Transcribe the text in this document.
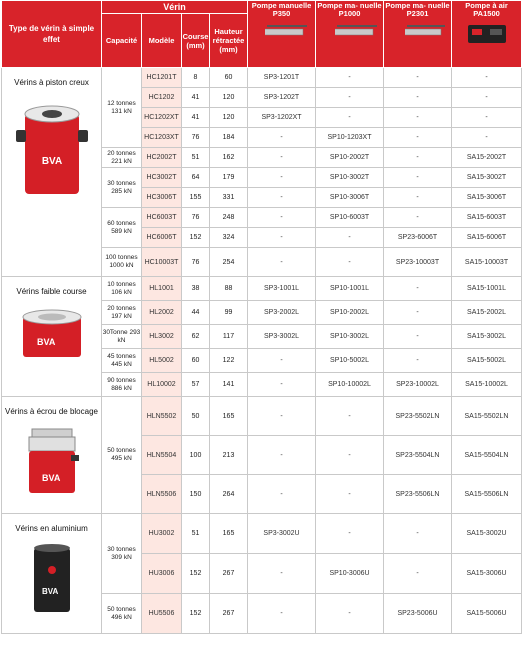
Type de vérin à simple effet	Vérin				Pompe manuelle P350	Pompe ma- nuelle P1000	Pompe ma- nuelle P2301	Pompe à air PA1500

	Capacité	Modèle	Course (mm)	Hauteur rétractée (mm)				

Vérins à piston creux
BVA	12 tonnes 131 kN	HC1201T	8	60	SP3-1201T	-	-	-
		HC1202	41	120	SP3-1202T	-	-	-
		HC1202XT	41	120	SP3-1202XT	-	-	-
		HC1203XT	76	184	-	SP10-1203XT	-	-
	20 tonnes 221 kN	HC2002T	51	162	-	SP10-2002T	-	SA15-2002T
	30 tonnes 285 kN	HC3002T	64	179	-	SP10-3002T	-	SA15-3002T
		HC3006T	155	331	-	SP10-3006T	-	SA15-3006T
	60 tonnes 589 kN	HC6003T	76	248	-	SP10-6003T	-	SA15-6003T
		HC6006T	152	324	-	-	SP23-6006T	SA15-6006T
	100 tonnes 1000 kN	HC10003T	76	254	-	-	SP23-10003T	SA15-10003T

Vérins faible course
BVA	10 tonnes 106 kN	HL1001	38	88	SP3-1001L	SP10-1001L	-	SA15-1001L
	20 tonnes 197 kN	HL2002	44	99	SP3-2002L	SP10-2002L	-	SA15-2002L
	30Tonne 293 kN	HL3002	62	117	SP3-3002L	SP10-3002L	-	SA15-3002L
	45 tonnes 445 kN	HL5002	60	122	-	SP10-5002L	-	SA15-5002L
	90 tonnes 886 kN	HL10002	57	141	-	SP10-10002L	SP23-10002L	SA15-10002L

Vérins à écrou de blocage
BVA	50 tonnes 495 kN	HLN5502	50	165	-	-	SP23-5502LN	SA15-5502LN
		HLN5504	100	213	-	-	SP23-5504LN	SA15-5504LN
		HLN5506	150	264	-	-	SP23-5506LN	SA15-5506LN

Vérins en aluminium
BVA	30 tonnes 309 kN	HU3002	51	165	SP3-3002U	-	-	SA15-3002U
		HU3006	152	267	-	SP10-3006U	-	SA15-3006U
	50 tonnes 496 kN	HU5506	152	267	-	-	SP23-5006U	SA15-5006U
